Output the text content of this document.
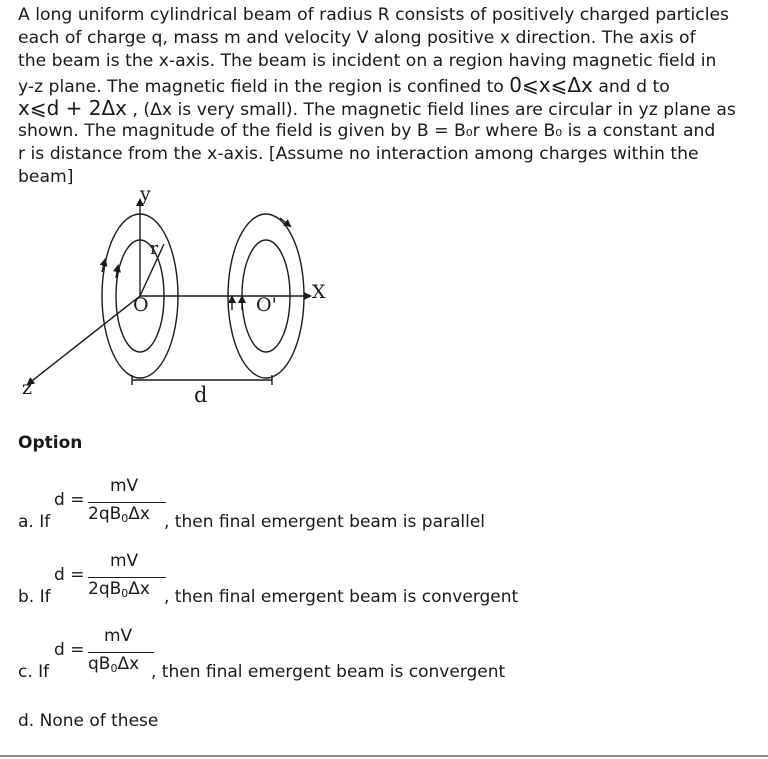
A long uniform cylindrical beam of radius R consists of positively charged particles
each of charge q, mass m and velocity V along positive x direction. The axis of
the beam is the x-axis. The beam is incident on a region having magnetic field in
y-z plane. The magnetic field in the region is confined to 0⩽x⩽Δx and d to
x⩽d + 2Δx , (Δx is very small). The magnetic field lines are circular in yz plane as
shown. The magnitude of the field is given by B = B₀r where B₀ is a constant and
r is distance from the x-axis. [Assume no interaction among charges within the
beam]
y
X
z
r
O	O'
d
Option
a. If
d =
mV
$2qB_0\Delta x$ , then final emergent beam is parallel
b. If
d =
mV
$2qB_0\Delta x$ , then final emergent beam is convergent
c. If
d =
mV
$qB_0\Delta x$ , then final emergent beam is convergent
d. None of these
